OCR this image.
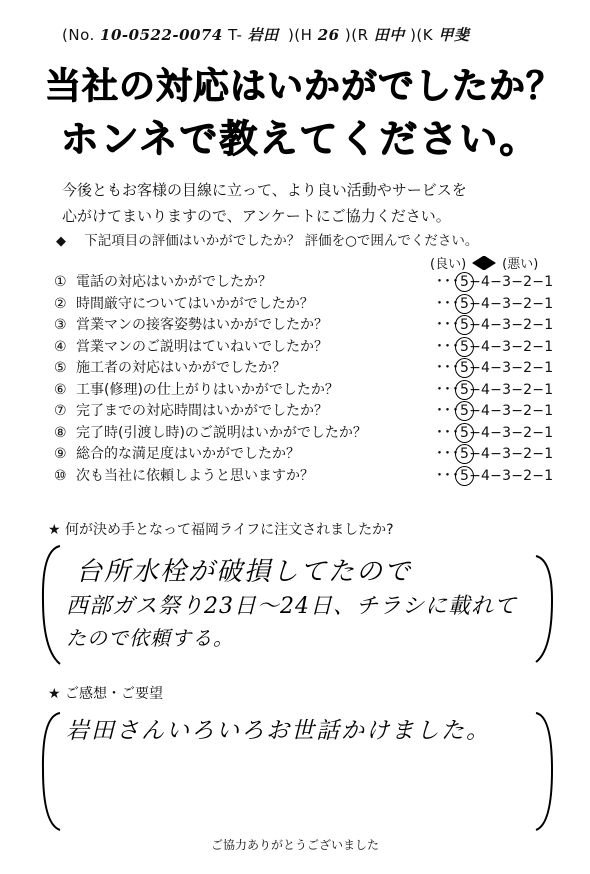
(No. 10-0522-0074 T- 岩田 )(H 26 )(R 田中 )(K 甲斐
当社の対応はいかがでしたか？
ホンネで教えてください。
今後ともお客様の目線に立って、より良い活動やサービスを
心がけてまいりますので、アンケートにご協力ください。
◆ 下記項目の評価はいかがでしたか？ 評価を○で囲んでください。
(良い)	(悪い)
① 電話の対応はいかがでしたか？	･･･5−4−3−2−1
② 時間厳守についてはいかがでしたか？	･･･5−4−3−2−1
③ 営業マンの接客姿勢はいかがでしたか？	･･･5−4−3−2−1
④ 営業マンのご説明はていねいでしたか？	･･･5−4−3−2−1
⑤ 施工者の対応はいかがでしたか？	･･･5−4−3−2−1
⑥ 工事(修理)の仕上がりはいかがでしたか？	･･･5−4−3−2−1
⑦ 完了までの対応時間はいかがでしたか？	･･･5−4−3−2−1
⑧ 完了時(引渡し時)のご説明はいかがでしたか？	･･･5−4−3−2−1
⑨ 総合的な満足度はいかがでしたか？	･･･5−4−3−2−1
⑩ 次も当社に依頼しようと思いますか？	･･･5−4−3−2−1
★ 何が決め手となって福岡ライフに注文されましたか?
台所水栓が破損してたので
西部ガス祭り23日〜24日、チラシに載れて
たので依頼する。
★ ご感想・ご要望
岩田さんいろいろお世話かけました。
ご協力ありがとうございました
